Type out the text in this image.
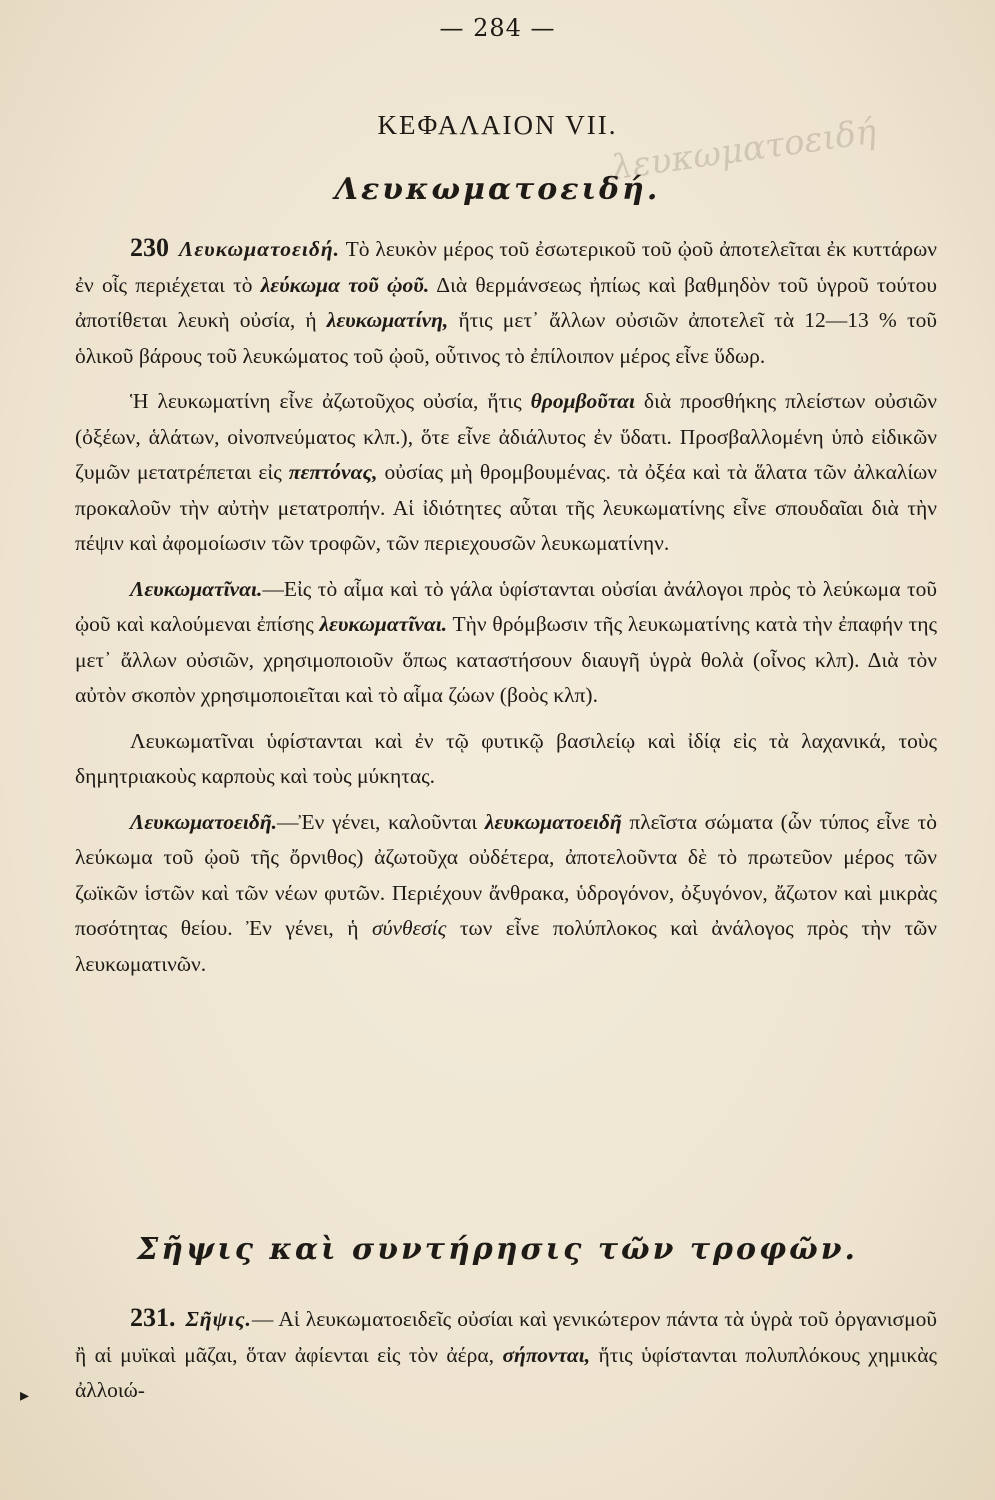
— 284 —
λευκωματοειδή
ΚΕΦΑΛΑΙΟΝ VII.
Λευκωματοειδή.

230 Λευκωματοειδή. Τὸ λευκὸν μέρος τοῦ ἐσωτερικοῦ τοῦ ᾠοῦ ἀποτελεῖται ἐκ κυττάρων ἐν οἷς περιέχεται τὸ λεύκωμα τοῦ ᾠοῦ. Διὰ θερμάνσεως ἠπίως καὶ βαθμηδὸν τοῦ ὑγροῦ τούτου ἀποτίθεται λευκὴ οὐσία, ἡ λευκωματίνη, ἥτις μετ᾽ ἄλλων οὐσιῶν ἀποτελεῖ τὰ 12—13 % τοῦ ὁλικοῦ βάρους τοῦ λευκώματος τοῦ ᾠοῦ, οὗτινος τὸ ἐπίλοιπον μέρος εἶνε ὕδωρ.

Ἡ λευκωματίνη εἶνε ἀζωτοῦχος οὐσία, ἥτις θρομβοῦται διὰ προσθήκης πλείστων οὐσιῶν (ὀξέων, ἁλάτων, οἰνοπνεύματος κλπ.), ὅτε εἶνε ἀδιάλυτος ἐν ὕδατι. Προσβαλλομένη ὑπὸ εἰδικῶν ζυμῶν μετατρέπεται εἰς πεπτόνας, οὐσίας μὴ θρομβουμένας. τὰ ὀξέα καὶ τὰ ἅλατα τῶν ἀλκαλίων προκαλοῦν τὴν αὐτὴν μετατροπήν. Αἱ ἰδιότητες αὗται τῆς λευκωματίνης εἶνε σπουδαῖαι διὰ τὴν πέψιν καὶ ἀφομοίωσιν τῶν τροφῶν, τῶν περιεχουσῶν λευκωματίνην.

Λευκωματῖναι.—Εἰς τὸ αἷμα καὶ τὸ γάλα ὑφίστανται οὐσίαι ἀνάλογοι πρὸς τὸ λεύκωμα τοῦ ᾠοῦ καὶ καλούμεναι ἐπίσης λευκωματῖναι. Τὴν θρόμβωσιν τῆς λευκωματίνης κατὰ τὴν ἐπαφήν της μετ᾽ ἄλλων οὐσιῶν, χρησιμοποιοῦν ὅπως καταστήσουν διαυγῆ ὑγρὰ θολὰ (οἶνος κλπ). Διὰ τὸν αὐτὸν σκοπὸν χρησιμοποιεῖται καὶ τὸ αἷμα ζώων (βοὸς κλπ).

Λευκωματῖναι ὑφίστανται καὶ ἐν τῷ φυτικῷ βασιλείῳ καὶ ἰδίᾳ εἰς τὰ λαχανικά, τοὺς δημητριακοὺς καρποὺς καὶ τοὺς μύκητας.

Λευκωματοειδῆ.—Ἐν γένει, καλοῦνται λευκωματοειδῆ πλεῖστα σώματα (ὧν τύπος εἶνε τὸ λεύκωμα τοῦ ᾠοῦ τῆς ὄρνιθος) ἀζωτοῦχα οὐδέτερα, ἀποτελοῦντα δὲ τὸ πρωτεῦον μέρος τῶν ζωϊκῶν ἱστῶν καὶ τῶν νέων φυτῶν. Περιέχουν ἄνθρακα, ὑδρογόνον, ὀξυγόνον, ἄζωτον καὶ μικρὰς ποσότητας θείου. Ἐν γένει, ἡ σύνθεσίς των εἶνε πολύπλοκος καὶ ἀνάλογος πρὸς τὴν τῶν λευκωματινῶν.

Σῆψις καὶ συντήρησις τῶν τροφῶν.

231. Σῆψις.— Αἱ λευκωματοειδεῖς οὐσίαι καὶ γενικώτερον πάντα τὰ ὑγρὰ τοῦ ὀργανισμοῦ ἢ αἱ μυϊκαὶ μᾶζαι, ὅταν ἀφίενται εἰς τὸν ἀέρα, σήπονται, ἥτις ὑφίστανται πολυπλόκους χημικὰς ἀλλοιώ-

▸
